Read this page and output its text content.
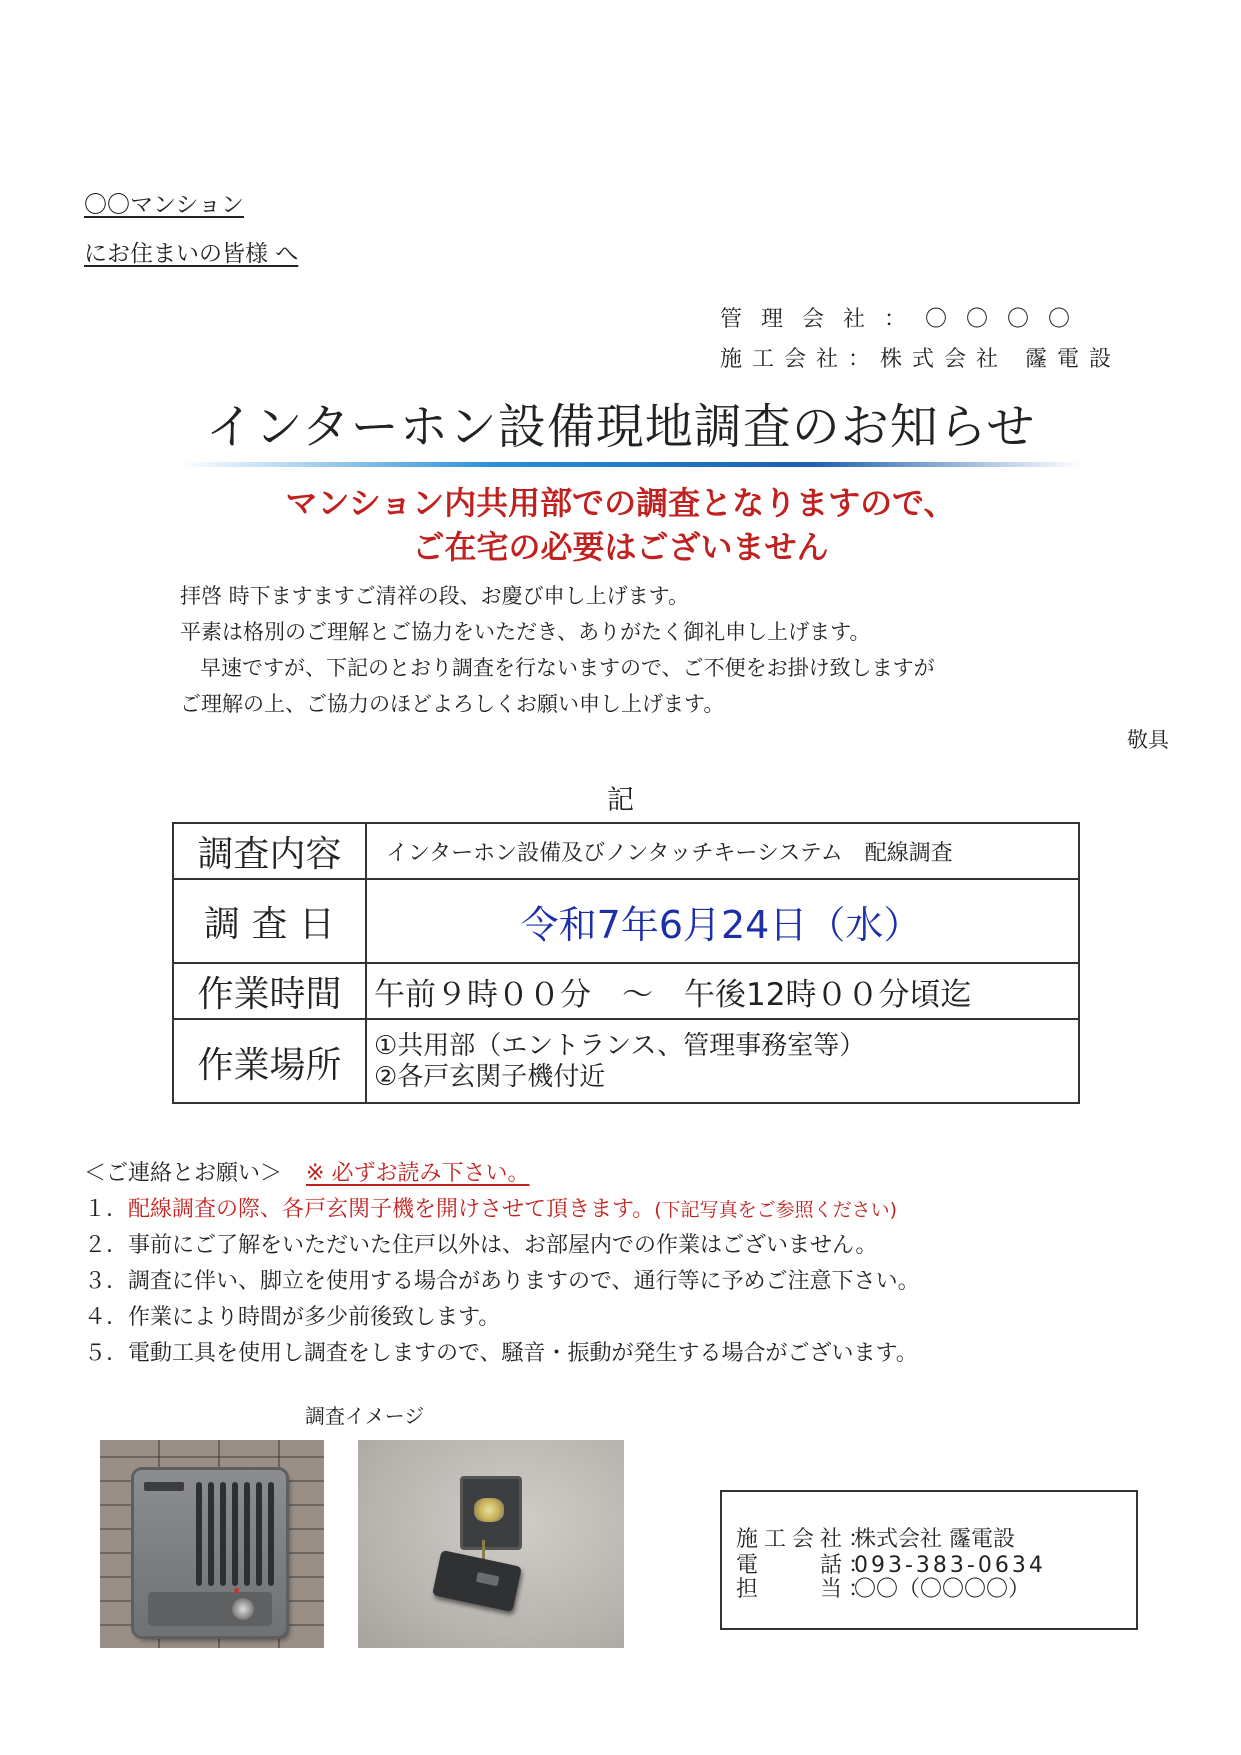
〇〇マンション
にお住まいの皆様 へ
管理会社：〇〇〇〇
施工会社：株式会社 霳電設
インターホン設備現地調査のお知らせ
マンション内共用部での調査となりますので、
ご在宅の必要はございません
拝啓 時下ますますご清祥の段、お慶び申し上げます。
平素は格別のご理解とご協力をいただき、ありがたく御礼申し上げます。
早速ですが、下記のとおり調査を行ないますので、ご不便をお掛け致しますが
ご理解の上、ご協力のほどよろしくお願い申し上げます。
敬具
記
調査内容	インターホン設備及びノンタッチキーシステム　配線調査
調 査 日	令和7年6月24日（水）
作業時間	午前９時００分　～　午後12時００分頃迄
作業場所	①共用部（エントランス、管理事務室等）
②各戸玄関子機付近
＜ご連絡とお願い＞ ※ 必ずお読み下さい。
１. 配線調査の際、各戸玄関子機を開けさせて頂きます。(下記写真をご参照ください)
２. 事前にご了解をいただいた住戸以外は、お部屋内での作業はございません。
３. 調査に伴い、脚立を使用する場合がありますので、通行等に予めご注意下さい。
４. 作業により時間が多少前後致します。
５. 電動工具を使用し調査をしますので、騒音・振動が発生する場合がございます。
調査イメージ
施工会社：株式会社 霳電設
電　　話：093-383-0634
担　　当：〇〇（〇〇〇〇）
